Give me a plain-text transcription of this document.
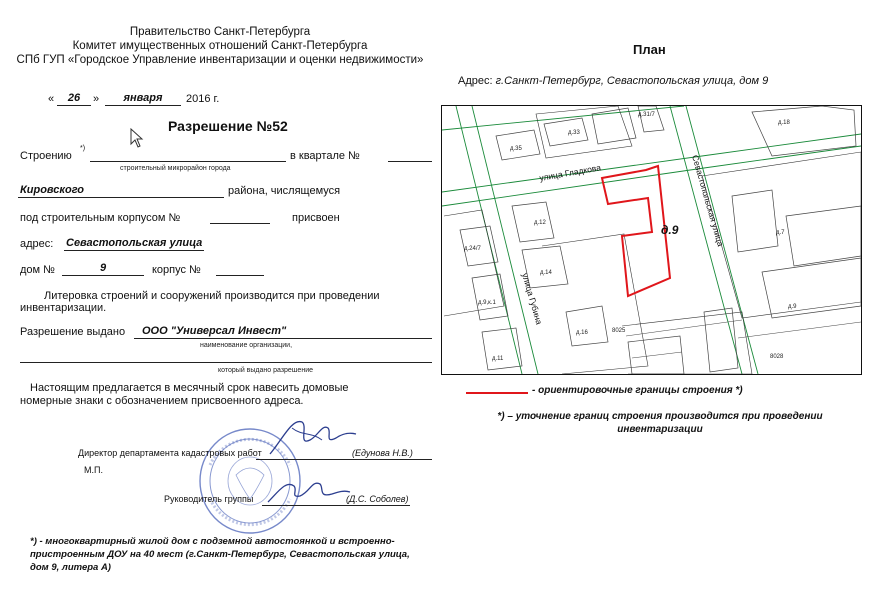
Правительство Санкт-Петербурга
Комитет имущественных отношений Санкт-Петербурга
СПб ГУП «Городское Управление инвентаризации и оценки недвижимости»
«	26	»	января	2016 г.
Разрешение №52
Строению
*)
строительный микрорайон города
в квартале №
Кировского	района, числящемуся
под строительным корпусом №	присвоен
адрес: Севастопольская улица
дом №	9	корпус №
Литеровка строений и сооружений производится при проведении
инвентаризации.
Разрешение выдано ООО "Универсал Инвест"
наименование организации,
который выдано разрешение
Настоящим предлагается в месячный срок навесить домовые
номерные знаки с обозначением присвоенного адреса.
Директор департамента кадастровых работ	(Едунова Н.В.)
М.П.
Руководитель группы	(Д.С. Соболев)
*) - многоквартирный жилой дом с подземной автостоянкой и встроенно-
пристроенным ДОУ на 40 мест (г.Санкт-Петербург, Севастопольская улица,
дом 9, литера А)
План
Адрес: г.Санкт-Петербург, Севастопольская улица, дом 9
улица Гладкова
улица Губина
Севастопольская улица
д.9
д.18
д.31/7
д.33
д.35
д.12
д.24/7
д.14
д.9,к.1
д.16
д.11
д.7
д.9
8025
8028
- ориентировочные границы строения *)
*) – уточнение границ строения производится при проведении
инвентаризации
